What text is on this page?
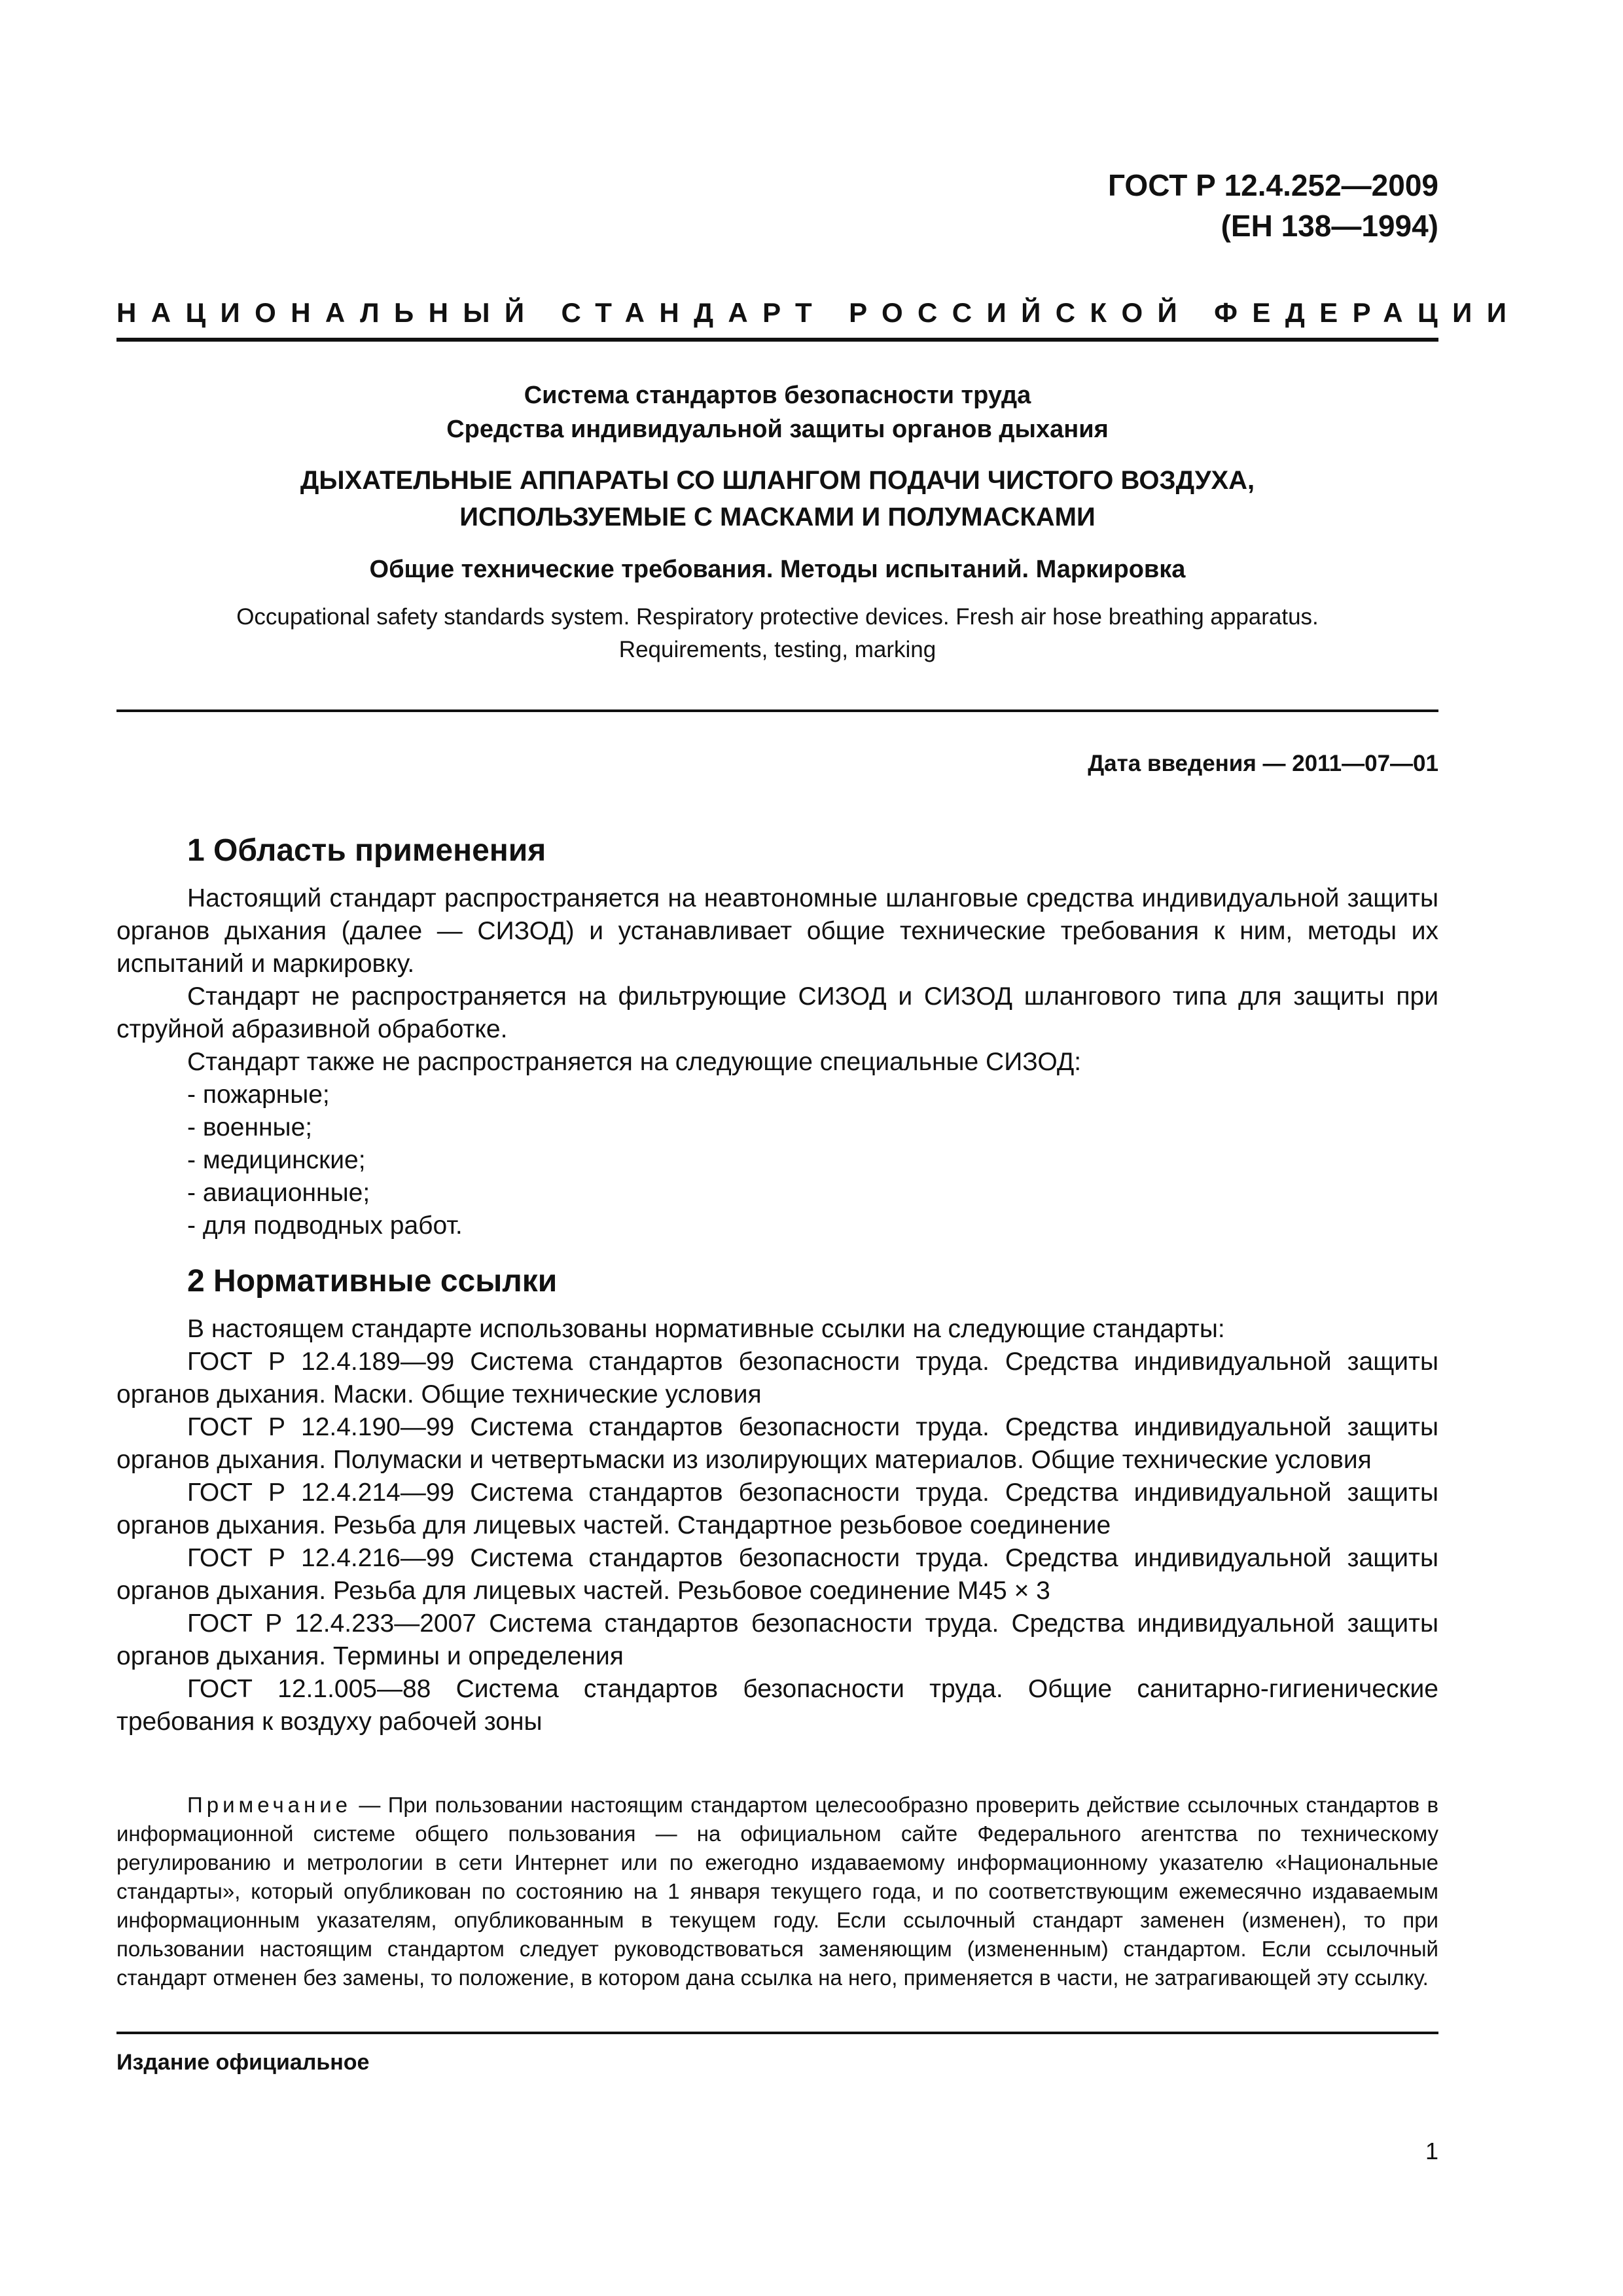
ГОСТ Р 12.4.252—2009
(ЕН 138—1994)
НАЦИОНАЛЬНЫЙ СТАНДАРТ РОССИЙСКОЙ ФЕДЕРАЦИИ
Система стандартов безопасности труда
Средства индивидуальной защиты органов дыхания
ДЫХАТЕЛЬНЫЕ АППАРАТЫ СО ШЛАНГОМ ПОДАЧИ ЧИСТОГО ВОЗДУХА,
ИСПОЛЬЗУЕМЫЕ С МАСКАМИ И ПОЛУМАСКАМИ
Общие технические требования. Методы испытаний. Маркировка
Occupational safety standards system. Respiratory protective devices. Fresh air hose breathing apparatus.
Requirements, testing, marking
Дата введения — 2011—07—01
1 Область применения

Настоящий стандарт распространяется на неавтономные шланговые средства индивидуальной защиты органов дыхания (далее — СИЗОД) и устанавливает общие технические требования к ним, методы их испытаний и маркировку.

Стандарт не распространяется на фильтрующие СИЗОД и СИЗОД шлангового типа для защиты при струйной абразивной обработке.

Стандарт также не распространяется на следующие специальные СИЗОД:

- пожарные;

- военные;

- медицинские;

- авиационные;

- для подводных работ.

2 Нормативные ссылки

В настоящем стандарте использованы нормативные ссылки на следующие стандарты:

ГОСТ Р 12.4.189—99 Система стандартов безопасности труда. Средства индивидуальной защиты органов дыхания. Маски. Общие технические условия

ГОСТ Р 12.4.190—99 Система стандартов безопасности труда. Средства индивидуальной защиты органов дыхания. Полумаски и четвертьмаски из изолирующих материалов. Общие технические условия

ГОСТ Р 12.4.214—99 Система стандартов безопасности труда. Средства индивидуальной защиты органов дыхания. Резьба для лицевых частей. Стандартное резьбовое соединение

ГОСТ Р 12.4.216—99 Система стандартов безопасности труда. Средства индивидуальной защиты органов дыхания. Резьба для лицевых частей. Резьбовое соединение М45 × 3

ГОСТ Р 12.4.233—2007 Система стандартов безопасности труда. Средства индивидуальной защиты органов дыхания. Термины и определения

ГОСТ 12.1.005—88 Система стандартов безопасности труда. Общие санитарно-гигиенические требования к воздуху рабочей зоны

Примечание — При пользовании настоящим стандартом целесообразно проверить действие ссылочных стандартов в информационной системе общего пользования — на официальном сайте Федерального агентства по техническому регулированию и метрологии в сети Интернет или по ежегодно издаваемому информационному указателю «Национальные стандарты», который опубликован по состоянию на 1 января текущего года, и по соответствующим ежемесячно издаваемым информационным указателям, опубликованным в текущем году. Если ссылочный стандарт заменен (изменен), то при пользовании настоящим стандартом следует руководствоваться заменяющим (измененным) стандартом. Если ссылочный стандарт отменен без замены, то положение, в котором дана ссылка на него, применяется в части, не затрагивающей эту ссылку.

Издание официальное
1
